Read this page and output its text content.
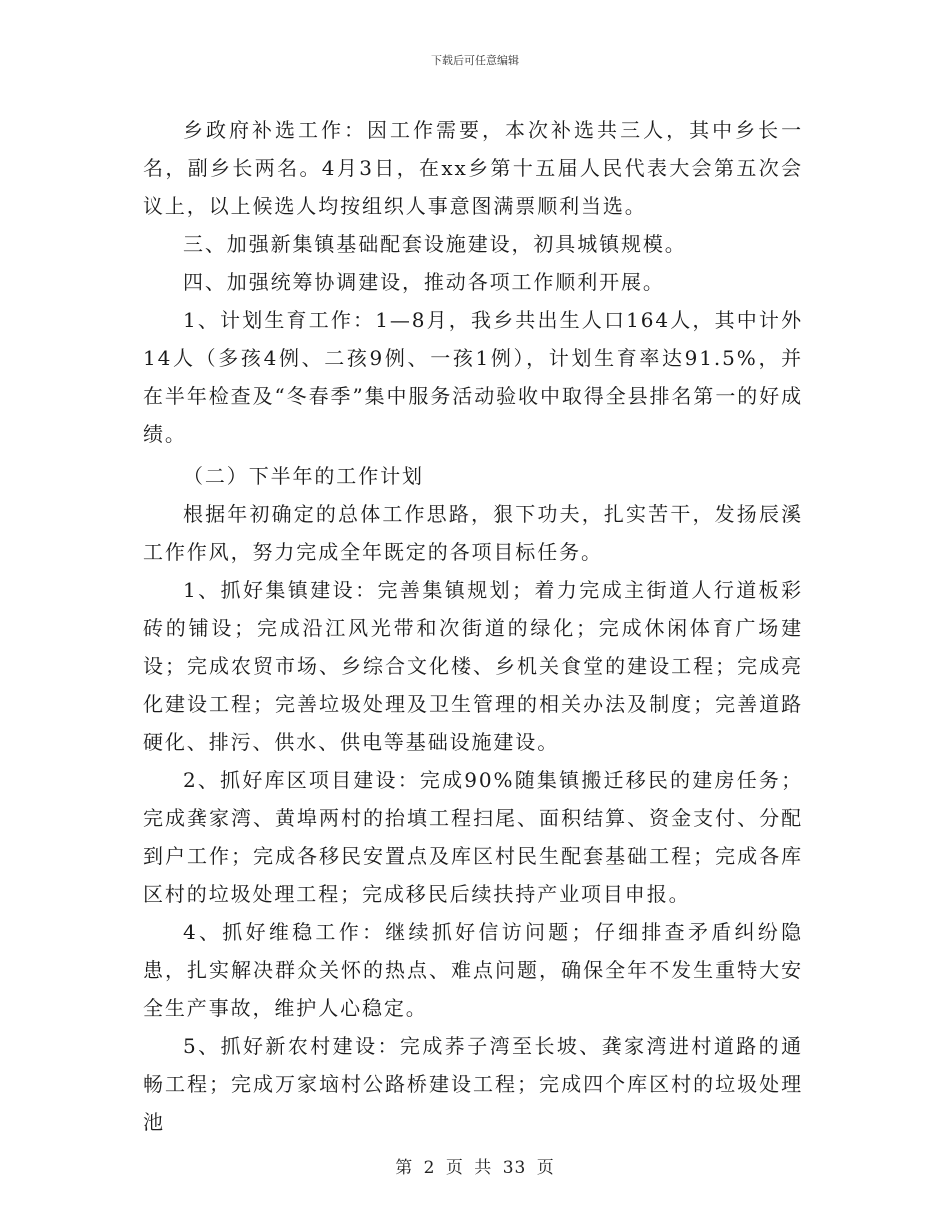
下载后可任意编辑

乡政府补选工作：因工作需要，本次补选共三人，其中乡长一名，副乡长两名。4月3日，在xx乡第十五届人民代表大会第五次会议上，以上候选人均按组织人事意图满票顺利当选。

三、加强新集镇基础配套设施建设，初具城镇规模。

四、加强统筹协调建设，推动各项工作顺利开展。

1、计划生育工作：1—8月，我乡共出生人口164人，其中计外14人（多孩4例、二孩9例、一孩1例），计划生育率达91.5%，并在半年检查及“冬春季”集中服务活动验收中取得全县排名第一的好成绩。

（二）下半年的工作计划

根据年初确定的总体工作思路，狠下功夫，扎实苦干，发扬辰溪工作作风，努力完成全年既定的各项目标任务。

1、抓好集镇建设：完善集镇规划；着力完成主街道人行道板彩砖的铺设；完成沿江风光带和次街道的绿化；完成休闲体育广场建设；完成农贸市场、乡综合文化楼、乡机关食堂的建设工程；完成亮化建设工程；完善垃圾处理及卫生管理的相关办法及制度；完善道路硬化、排污、供水、供电等基础设施建设。

2、抓好库区项目建设：完成90%随集镇搬迁移民的建房任务；完成龚家湾、黄埠两村的抬填工程扫尾、面积结算、资金支付、分配到户工作；完成各移民安置点及库区村民生配套基础工程；完成各库区村的垃圾处理工程；完成移民后续扶持产业项目申报。

4、抓好维稳工作：继续抓好信访问题；仔细排查矛盾纠纷隐患，扎实解决群众关怀的热点、难点问题，确保全年不发生重特大安全生产事故，维护人心稳定。

5、抓好新农村建设：完成荞子湾至长坡、龚家湾进村道路的通畅工程；完成万家垴村公路桥建设工程；完成四个库区村的垃圾处理池

第 2 页 共 33 页
